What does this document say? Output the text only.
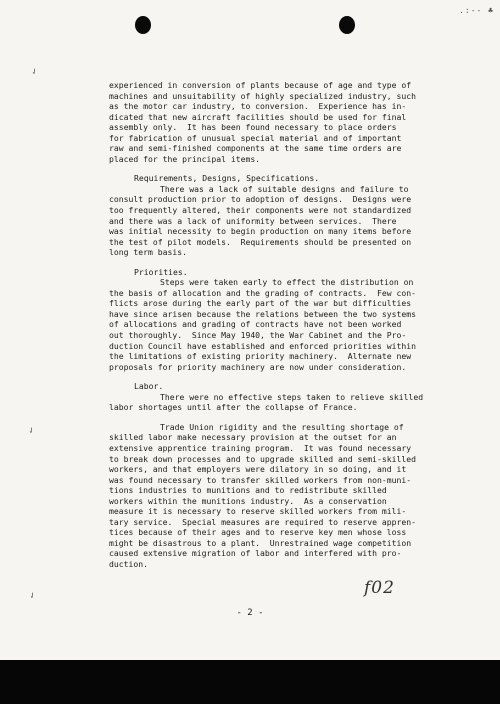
.:-- ♣
✓
✓
✓
experienced in conversion of plants because of age and type of
machines and unsuitability of highly specialized industry, such
as the motor car industry, to conversion.  Experience has in-
dicated that new aircraft facilities should be used for final
assembly only.  It has been found necessary to place orders
for fabrication of unusual special material and of important
raw and semi-finished components at the same time orders are
placed for the principal items.
Requirements, Designs, Specifications.
There was a lack of suitable designs and failure to
consult production prior to adoption of designs.  Designs were
too frequently altered, their components were not standardized
and there was a lack of uniformity between services.  There
was initial necessity to begin production on many items before
the test of pilot models.  Requirements should be presented on
long term basis.
Priorities.
Steps were taken early to effect the distribution on
the basis of allocation and the grading of contracts.  Few con-
flicts arose during the early part of the war but difficulties
have since arisen because the relations between the two systems
of allocations and grading of contracts have not been worked
out thoroughly.  Since May 1940, the War Cabinet and the Pro-
duction Council have established and enforced priorities within
the limitations of existing priority machinery.  Alternate new
proposals for priority machinery are now under consideration.
Labor.
There were no effective steps taken to relieve skilled
labor shortages until after the collapse of France.
Trade Union rigidity and the resulting shortage of
skilled labor make necessary provision at the outset for an
extensive apprentice training program.  It was found necessary
to break down processes and to upgrade skilled and semi-skilled
workers, and that employers were dilatory in so doing, and it
was found necessary to transfer skilled workers from non-muni-
tions industries to munitions and to redistribute skilled
workers within the munitions industry.  As a conservation
measure it is necessary to reserve skilled workers from mili-
tary service.  Special measures are required to reserve appren-
tices because of their ages and to reserve key men whose loss
might be disastrous to a plant.  Unrestrained wage competition
caused extensive migration of labor and interfered with pro-
duction.
f02
- 2 -
